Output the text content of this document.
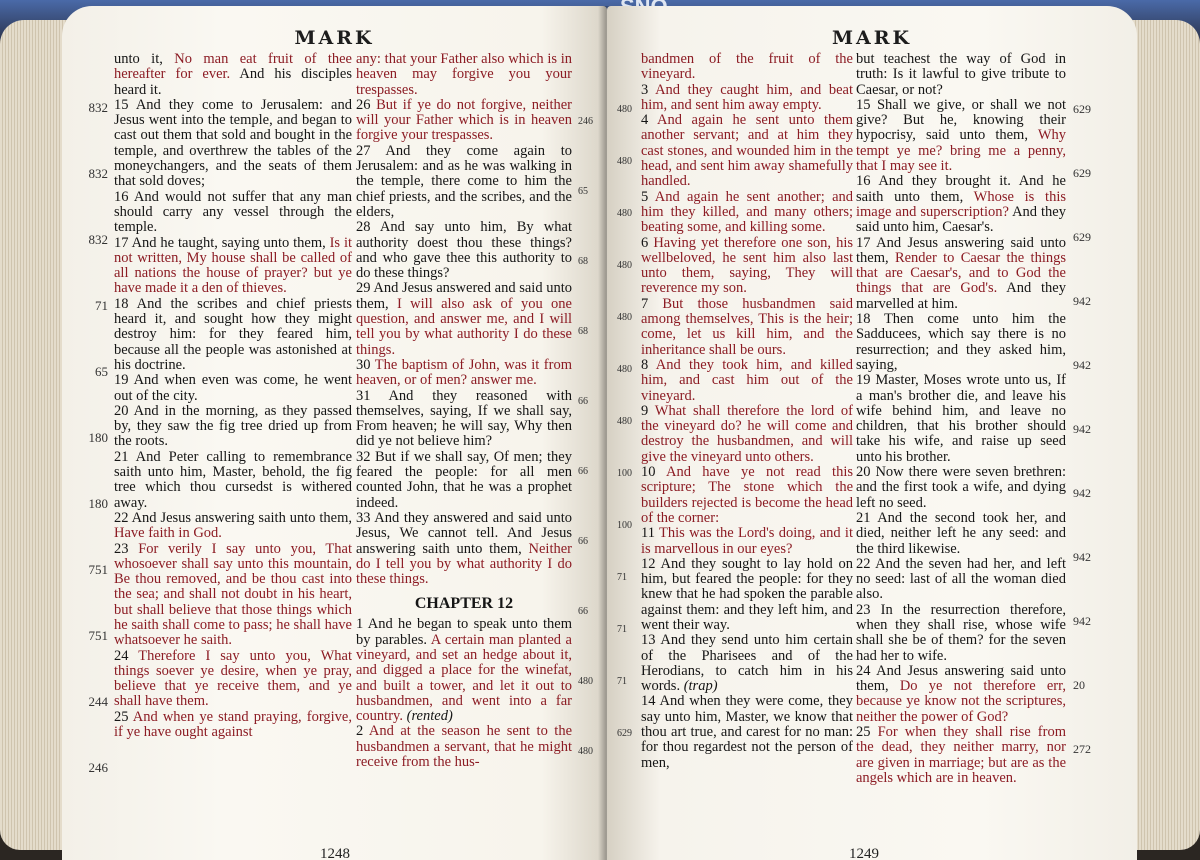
MARK

unto it, No man eat fruit of thee hereafter for ever. And his disciples heard it.

15 And they come to Jerusalem: and Jesus went into the temple, and began to cast out them that sold and bought in the temple, and overthrew the tables of the moneychangers, and the seats of them that sold doves;

16 And would not suffer that any man should carry any vessel through the temple.

17 And he taught, saying unto them, Is it not written, My house shall be called of all nations the house of prayer? but ye have made it a den of thieves.

18 And the scribes and chief priests heard it, and sought how they might destroy him: for they feared him, because all the people was astonished at his doctrine.

19 And when even was come, he went out of the city.

20 And in the morning, as they passed by, they saw the fig tree dried up from the roots.

21 And Peter calling to remembrance saith unto him, Master, behold, the fig tree which thou cursedst is withered away.

22 And Jesus answering saith unto them, Have faith in God.

23 For verily I say unto you, That whosoever shall say unto this mountain, Be thou removed, and be thou cast into the sea; and shall not doubt in his heart, but shall believe that those things which he saith shall come to pass; he shall have whatsoever he saith.

24 Therefore I say unto you, What things soever ye desire, when ye pray, believe that ye receive them, and ye shall have them.

25 And when ye stand praying, forgive, if ye have ought against

any: that your Father also which is in heaven may forgive you your trespasses.

26 But if ye do not forgive, neither will your Father which is in heaven forgive your trespasses.

27 And they come again to Jerusalem: and as he was walking in the temple, there come to him the chief priests, and the scribes, and the elders,

28 And say unto him, By what authority doest thou these things? and who gave thee this authority to do these things?

29 And Jesus answered and said unto them, I will also ask of you one question, and answer me, and I will tell you by what authority I do these things.

30 The baptism of John, was it from heaven, or of men? answer me.

31 And they reasoned with themselves, saying, If we shall say, From heaven; he will say, Why then did ye not believe him?

32 But if we shall say, Of men; they feared the people: for all men counted John, that he was a prophet indeed.

33 And they answered and said unto Jesus, We cannot tell. And Jesus answering saith unto them, Neither do I tell you by what authority I do these things.

CHAPTER 12

1 And he began to speak unto them by parables. A certain man planted a vineyard, and set an hedge about it, and digged a place for the winefat, and built a tower, and let it out to husbandmen, and went into a far country. (rented)

2 And at the season he sent to the husbandmen a servant, that he might receive from the hus-

832
832
832
71
65
180
180
751
751
244
246
246
65
68
68
66
66
66
66
480
480
1248
MARK

bandmen of the fruit of the vineyard.

3 And they caught him, and beat him, and sent him away empty.

4 And again he sent unto them another servant; and at him they cast stones, and wounded him in the head, and sent him away shamefully handled.

5 And again he sent another; and him they killed, and many others; beating some, and killing some.

6 Having yet therefore one son, his wellbeloved, he sent him also last unto them, saying, They will reverence my son.

7 But those husbandmen said among themselves, This is the heir; come, let us kill him, and the inheritance shall be ours.

8 And they took him, and killed him, and cast him out of the vineyard.

9 What shall therefore the lord of the vineyard do? he will come and destroy the husbandmen, and will give the vineyard unto others.

10 And have ye not read this scripture; The stone which the builders rejected is become the head of the corner:

11 This was the Lord's doing, and it is marvellous in our eyes?

12 And they sought to lay hold on him, but feared the people: for they knew that he had spoken the parable against them: and they left him, and went their way.

13 And they send unto him certain of the Pharisees and of the Herodians, to catch him in his words. (trap)

14 And when they were come, they say unto him, Master, we know that thou art true, and carest for no man: for thou regardest not the person of men,

but teachest the way of God in truth: Is it lawful to give tribute to Caesar, or not?

15 Shall we give, or shall we not give? But he, knowing their hypocrisy, said unto them, Why tempt ye me? bring me a penny, that I may see it.

16 And they brought it. And he saith unto them, Whose is this image and superscription? And they said unto him, Caesar's.

17 And Jesus answering said unto them, Render to Caesar the things that are Caesar's, and to God the things that are God's. And they marvelled at him.

18 Then come unto him the Sadducees, which say there is no resurrection; and they asked him, saying,

19 Master, Moses wrote unto us, If a man's brother die, and leave his wife behind him, and leave no children, that his brother should take his wife, and raise up seed unto his brother.

20 Now there were seven brethren: and the first took a wife, and dying left no seed.

21 And the second took her, and died, neither left he any seed: and the third likewise.

22 And the seven had her, and left no seed: last of all the woman died also.

23 In the resurrection therefore, when they shall rise, whose wife shall she be of them? for the seven had her to wife.

24 And Jesus answering said unto them, Do ye not therefore err, because ye know not the scriptures, neither the power of God?

25 For when they shall rise from the dead, they neither marry, nor are given in marriage; but are as the angels which are in heaven.

480
480
480
480
480
480
480
100
100
71
71
71
629
629
629
629
942
942
942
942
942
942
20
272
1249
